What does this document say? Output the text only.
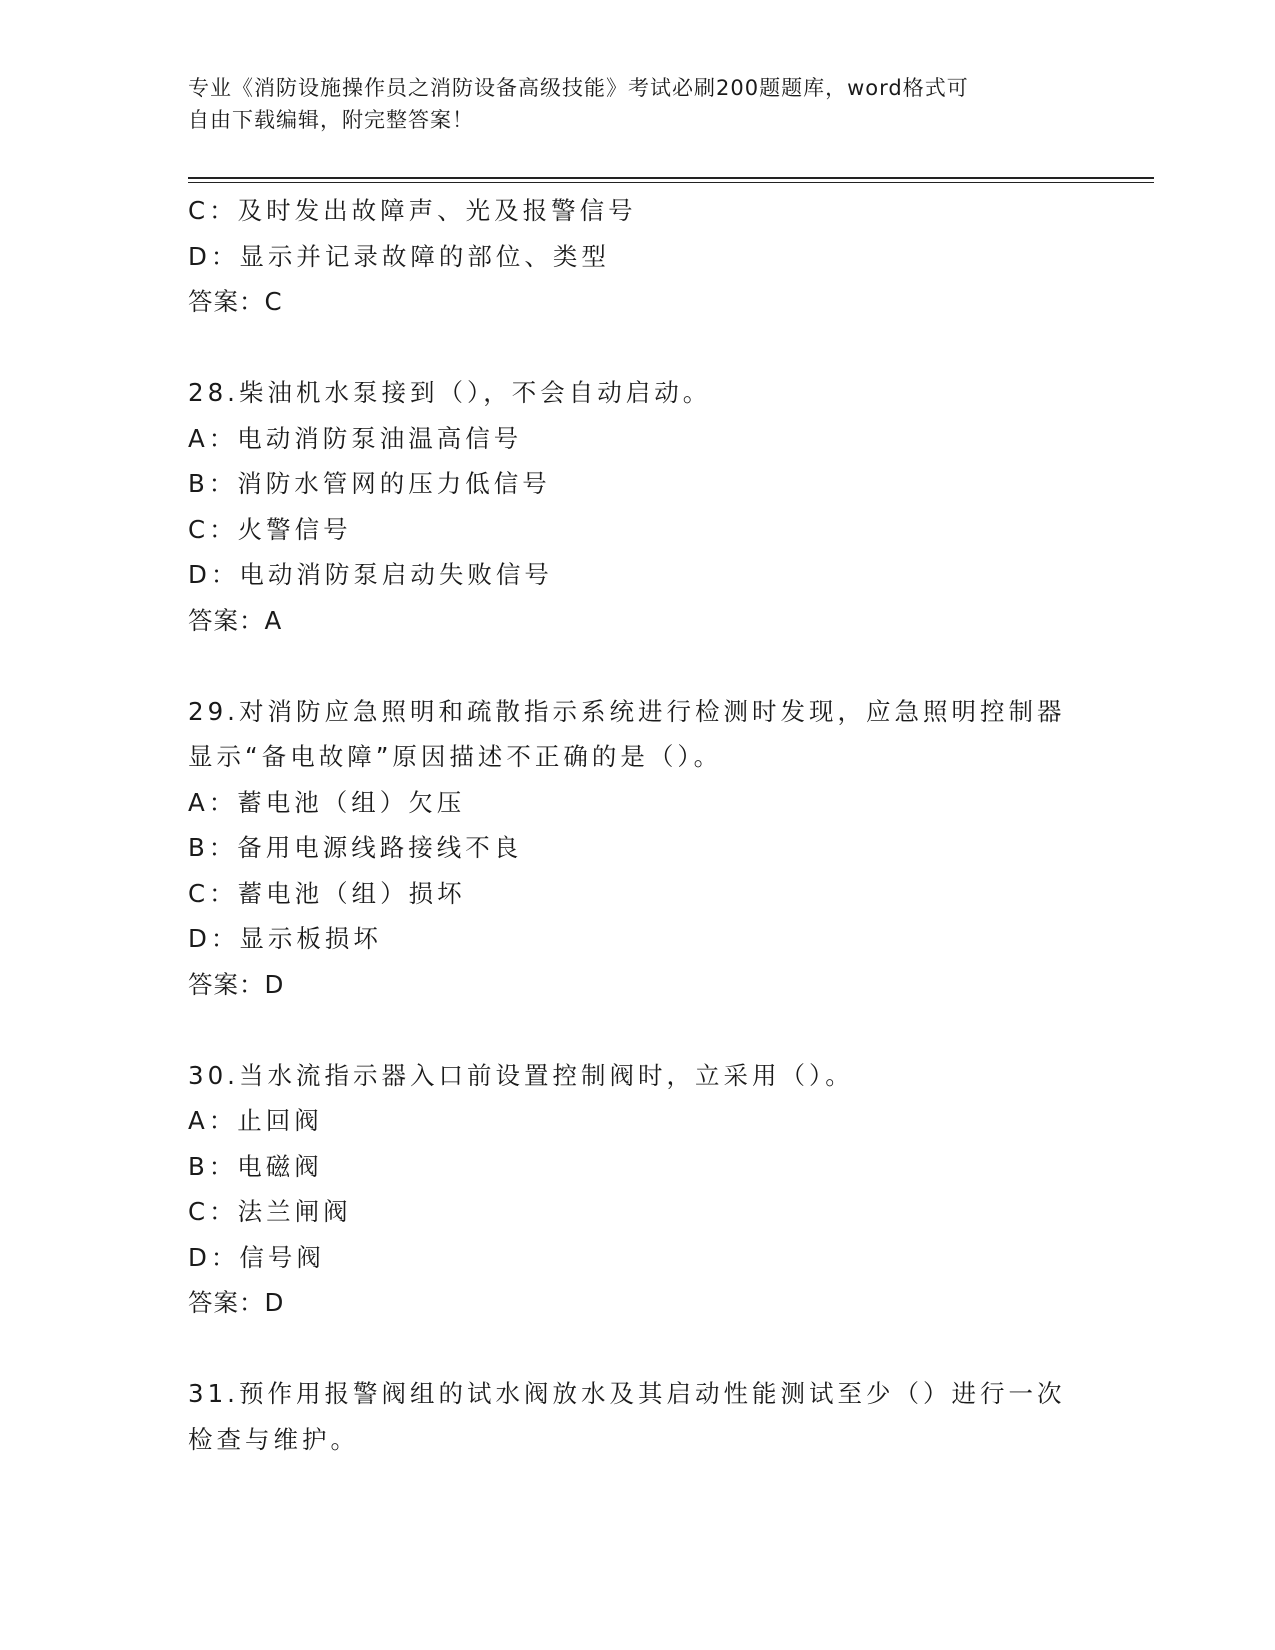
专业《消防设施操作员之消防设备高级技能》考试必刷200题题库，word格式可
自由下载编辑，附完整答案！
C：及时发出故障声、光及报警信号
D：显示并记录故障的部位、类型
答案：C
28.柴油机水泵接到（），不会自动启动。
A：电动消防泵油温高信号
B：消防水管网的压力低信号
C：火警信号
D：电动消防泵启动失败信号
答案：A
29.对消防应急照明和疏散指示系统进行检测时发现，应急照明控制器
显示“备电故障”原因描述不正确的是（）。
A：蓄电池（组）欠压
B：备用电源线路接线不良
C：蓄电池（组）损坏
D：显示板损坏
答案：D
30.当水流指示器入口前设置控制阀时，立采用（）。
A：止回阀
B：电磁阀
C：法兰闸阀
D：信号阀
答案：D
31.预作用报警阀组的试水阀放水及其启动性能测试至少（）进行一次
检查与维护。
